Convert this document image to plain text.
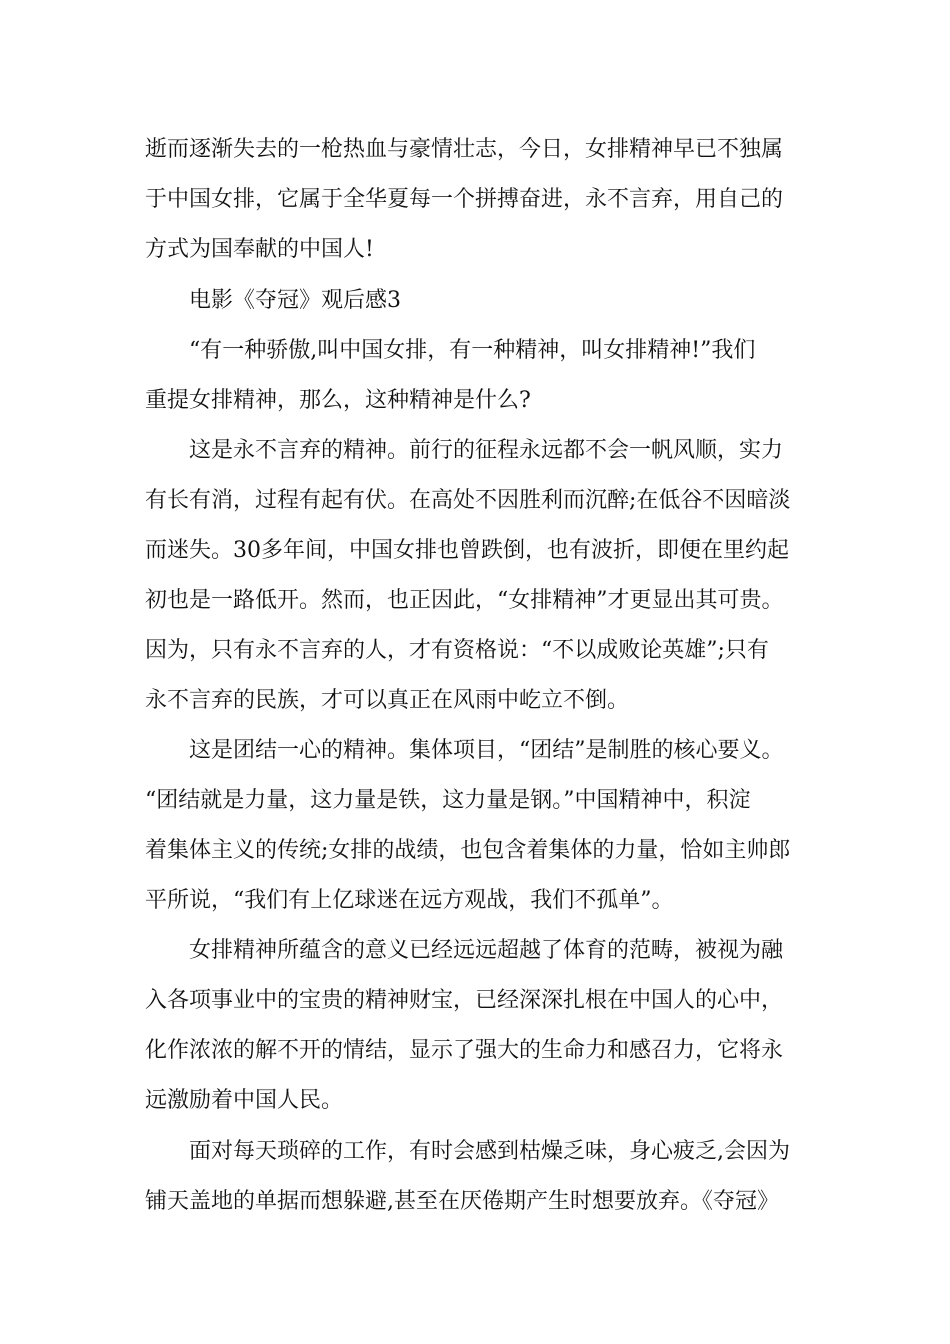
逝而逐渐失去的一枪热血与豪情壮志，今日，女排精神早已不独属
于中国女排，它属于全华夏每一个拼搏奋进，永不言弃，用自己的
方式为国奉献的中国人!
　　电影《夺冠》观后感3
　　“有一种骄傲,叫中国女排，有一种精神，叫女排精神!”我们
重提女排精神，那么，这种精神是什么?
　　这是永不言弃的精神。前行的征程永远都不会一帆风顺，实力
有长有消，过程有起有伏。在高处不因胜利而沉醉;在低谷不因暗淡
而迷失。30多年间，中国女排也曾跌倒，也有波折，即便在里约起
初也是一路低开。然而，也正因此，“女排精神”才更显出其可贵。
因为，只有永不言弃的人，才有资格说：“不以成败论英雄”;只有
永不言弃的民族，才可以真正在风雨中屹立不倒。
　　这是团结一心的精神。集体项目，“团结”是制胜的核心要义。
“团结就是力量，这力量是铁，这力量是钢。”中国精神中，积淀
着集体主义的传统;女排的战绩，也包含着集体的力量，恰如主帅郎
平所说，“我们有上亿球迷在远方观战，我们不孤单”。
　　女排精神所蕴含的意义已经远远超越了体育的范畴，被视为融
入各项事业中的宝贵的精神财宝，已经深深扎根在中国人的心中，
化作浓浓的解不开的情结，显示了强大的生命力和感召力，它将永
远激励着中国人民。
　　面对每天琐碎的工作，有时会感到枯燥乏味，身心疲乏,会因为
铺天盖地的单据而想躲避,甚至在厌倦期产生时想要放弃。《夺冠》
